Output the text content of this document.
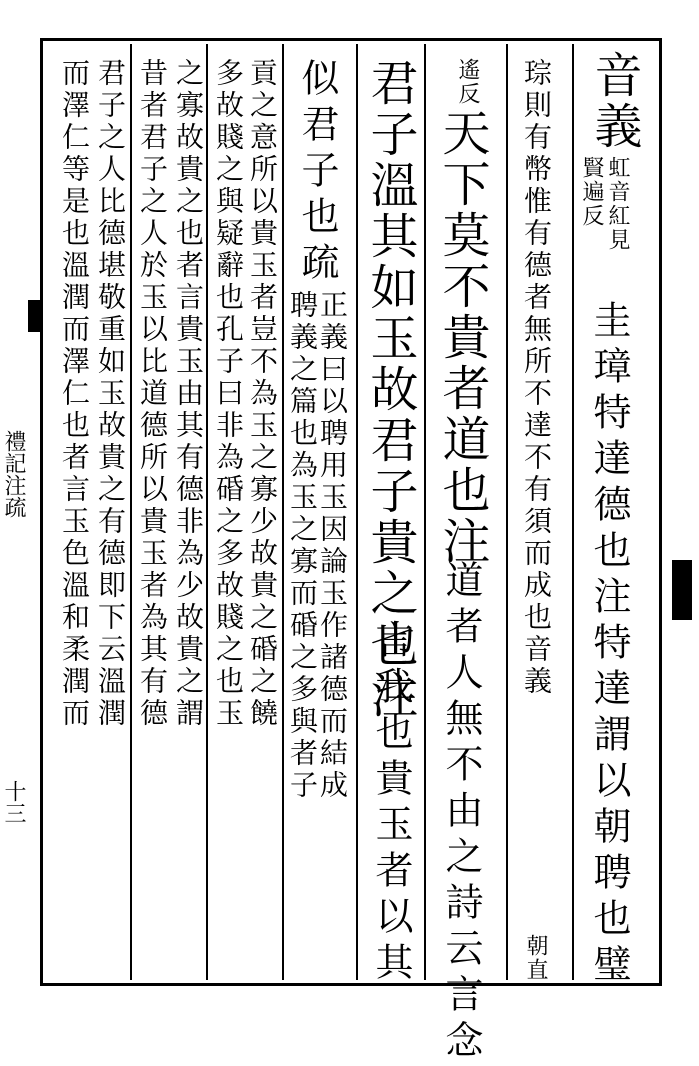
禮記注疏
十三
音義
虹音紅見
賢遍反
圭璋特達德也注特達謂以朝聘也璧
琮則有幣惟有德者無所不達不有須而成也音義
朝直
遙反
天下莫不貴者道也注
道者人無不由之詩云言念
君子溫其如玉故君子貴之也注
言我也貴玉者以其
似君子也疏
正義曰以聘用玉因論玉作諸德而結成
聘義之篇也為玉之寡而碈之多與者子
貢之意所以貴玉者豈不為玉之寡少故貴之碈之饒
多故賤之與疑辭也孔子曰非為碈之多故賤之也玉
之寡故貴之也者言貴玉由其有德非為少故貴之謂
昔者君子之人於玉以比道德所以貴玉者為其有德
君子之人比德堪敬重如玉故貴之有德即下云溫潤
而澤仁等是也溫潤而澤仁也者言玉色溫和柔潤而
